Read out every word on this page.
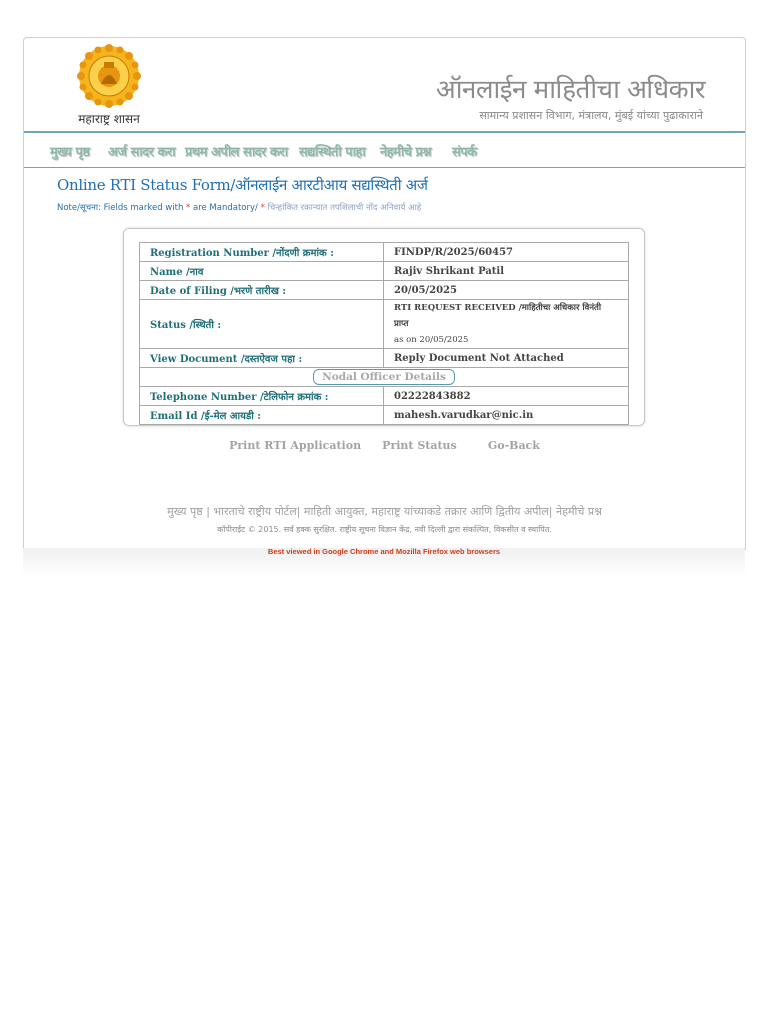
महाराष्ट्र शासन
ऑनलाईन माहितीचा अधिकार
सामान्य प्रशासन विभाग, मंत्रालय, मुंबई यांच्या पुढाकाराने
मुख्य पृष्ठ अर्ज सादर करा प्रथम अपील सादर करा सद्यस्थिती पाहा नेहमीचे प्रश्न संपर्क
Online RTI Status Form/ऑनलाईन आरटीआय सद्यस्थिती अर्ज
Note/सूचना: Fields marked with * are Mandatory/ * चिन्हांकित रकान्यात तपशिलाची नोंद अनिवार्य आहे
Registration Number /नोंदणी क्रमांक :	FINDP/R/2025/60457
Name /नाव	Rajiv Shrikant Patil
Date of Filing /भरणे तारीख :	20/05/2025
Status /स्थिती :	RTI REQUEST RECEIVED /माहितीचा अधिकार विनंती प्राप्त
as on 20/05/2025
View Document /दस्तऐवज पहा :	Reply Document Not Attached
Nodal Officer Details	
Telephone Number /टेलिफोन क्रमांक :	02222843882
Email Id /ई-मेल आयडी :	mahesh.varudkar@nic.in
Print RTI Application Print Status	Go-Back
मुख्य पृष्ठ | भारताचे राष्ट्रीय पोर्टल| माहिती आयुक्त, महाराष्ट्र यांच्याकडे तक्रार आणि द्वितीय अपील| नेहमीचे प्रश्न
कॉपीराईट © 2015. सर्व हक्क सुरक्षित. राष्ट्रीय सूचना विज्ञान केंद्र, नवी दिल्ली द्वारा संकल्पित, विकसीत व स्थापित.
Best viewed in Google Chrome and Mozilla Firefox web browsers
